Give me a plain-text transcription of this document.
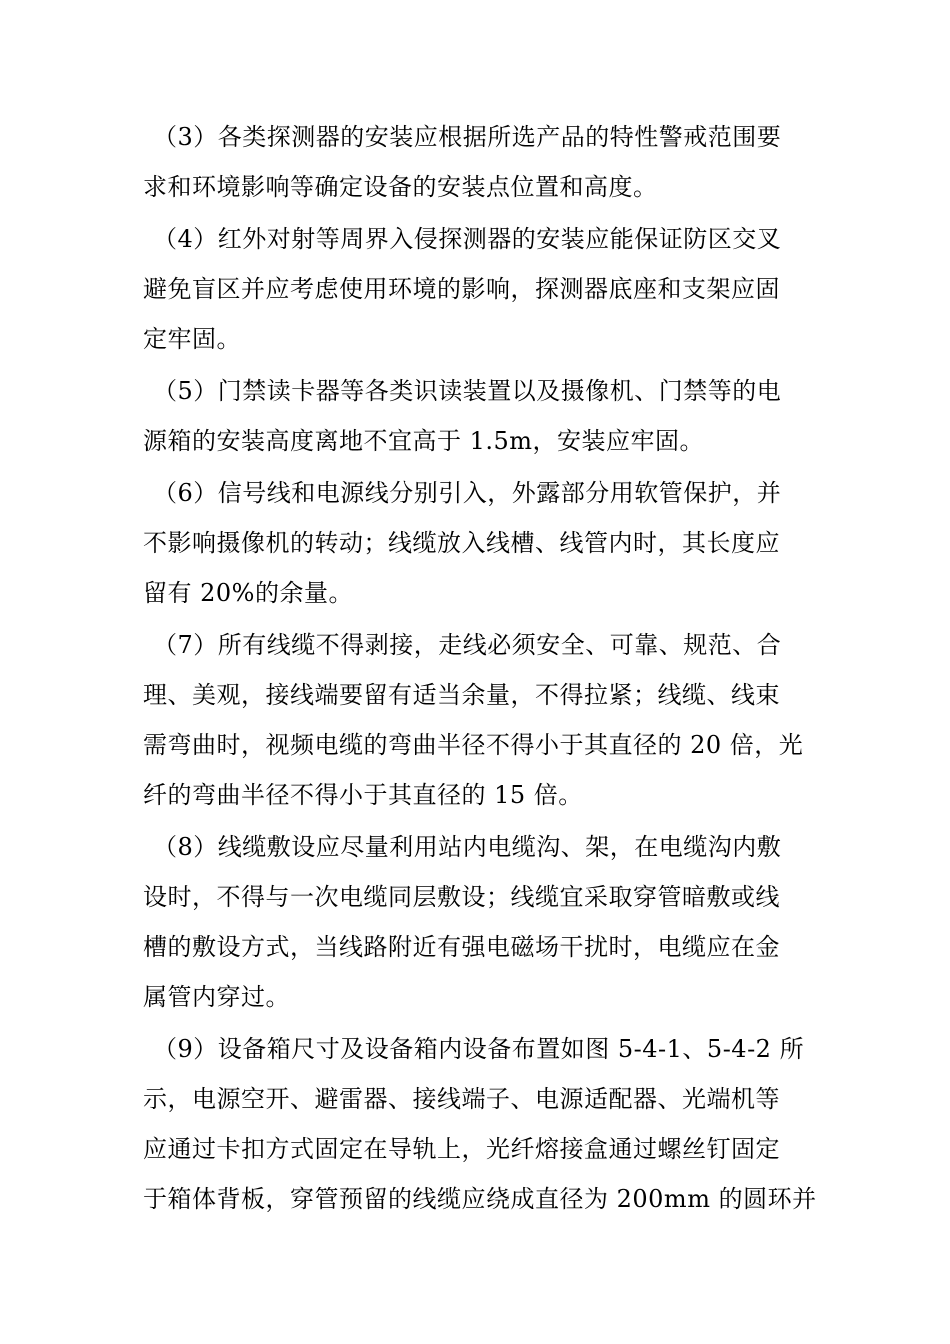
（3）各类探测器的安装应根据所选产品的特性警戒范围要
求和环境影响等确定设备的安装点位置和高度。
（4）红外对射等周界入侵探测器的安装应能保证防区交叉
避免盲区并应考虑使用环境的影响，探测器底座和支架应固
定牢固。
（5）门禁读卡器等各类识读装置以及摄像机、门禁等的电
源箱的安装高度离地不宜高于 1.5m，安装应牢固。
（6）信号线和电源线分别引入，外露部分用软管保护，并
不影响摄像机的转动；线缆放入线槽、线管内时，其长度应
留有 20%的余量。
（7）所有线缆不得剥接，走线必须安全、可靠、规范、合
理、美观，接线端要留有适当余量，不得拉紧；线缆、线束
需弯曲时，视频电缆的弯曲半径不得小于其直径的 20 倍，光
纤的弯曲半径不得小于其直径的 15 倍。
（8）线缆敷设应尽量利用站内电缆沟、架，在电缆沟内敷
设时，不得与一次电缆同层敷设；线缆宜采取穿管暗敷或线
槽的敷设方式，当线路附近有强电磁场干扰时，电缆应在金
属管内穿过。
（9）设备箱尺寸及设备箱内设备布置如图 5-4-1、5-4-2 所
示，电源空开、避雷器、接线端子、电源适配器、光端机等
应通过卡扣方式固定在导轨上，光纤熔接盒通过螺丝钉固定
于箱体背板，穿管预留的线缆应绕成直径为 200mm 的圆环并
